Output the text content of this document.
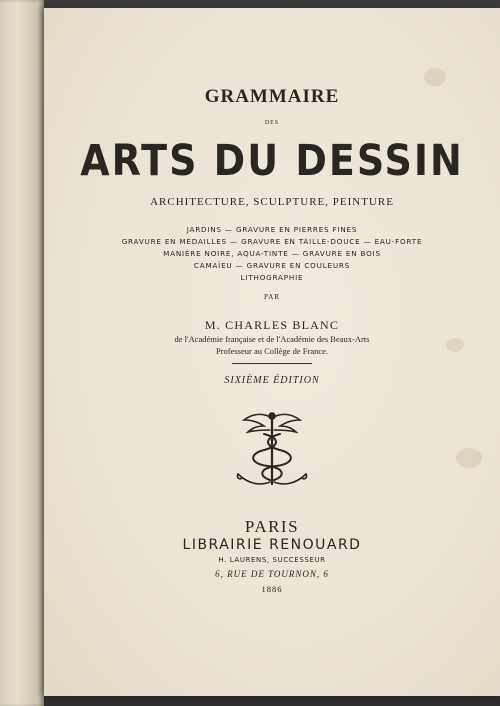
GRAMMAIRE
DES
ARTS DU DESSIN
ARCHITECTURE, SCULPTURE, PEINTURE
JARDINS — GRAVURE EN PIERRES FINES
GRAVURE EN MÉDAILLES — GRAVURE EN TAILLE-DOUCE — EAU-FORTE
MANIÈRE NOIRE, AQUA-TINTE — GRAVURE EN BOIS
CAMAÏEU — GRAVURE EN COULEURS
LITHOGRAPHIE
PAR
M. CHARLES BLANC
de l'Académie française et de l'Académie des Beaux-Arts
Professeur au Collège de France.
SIXIÈME ÉDITION
PARIS
LIBRAIRIE RENOUARD
H. LAURENS, SUCCESSEUR
6, RUE DE TOURNON, 6
1886
